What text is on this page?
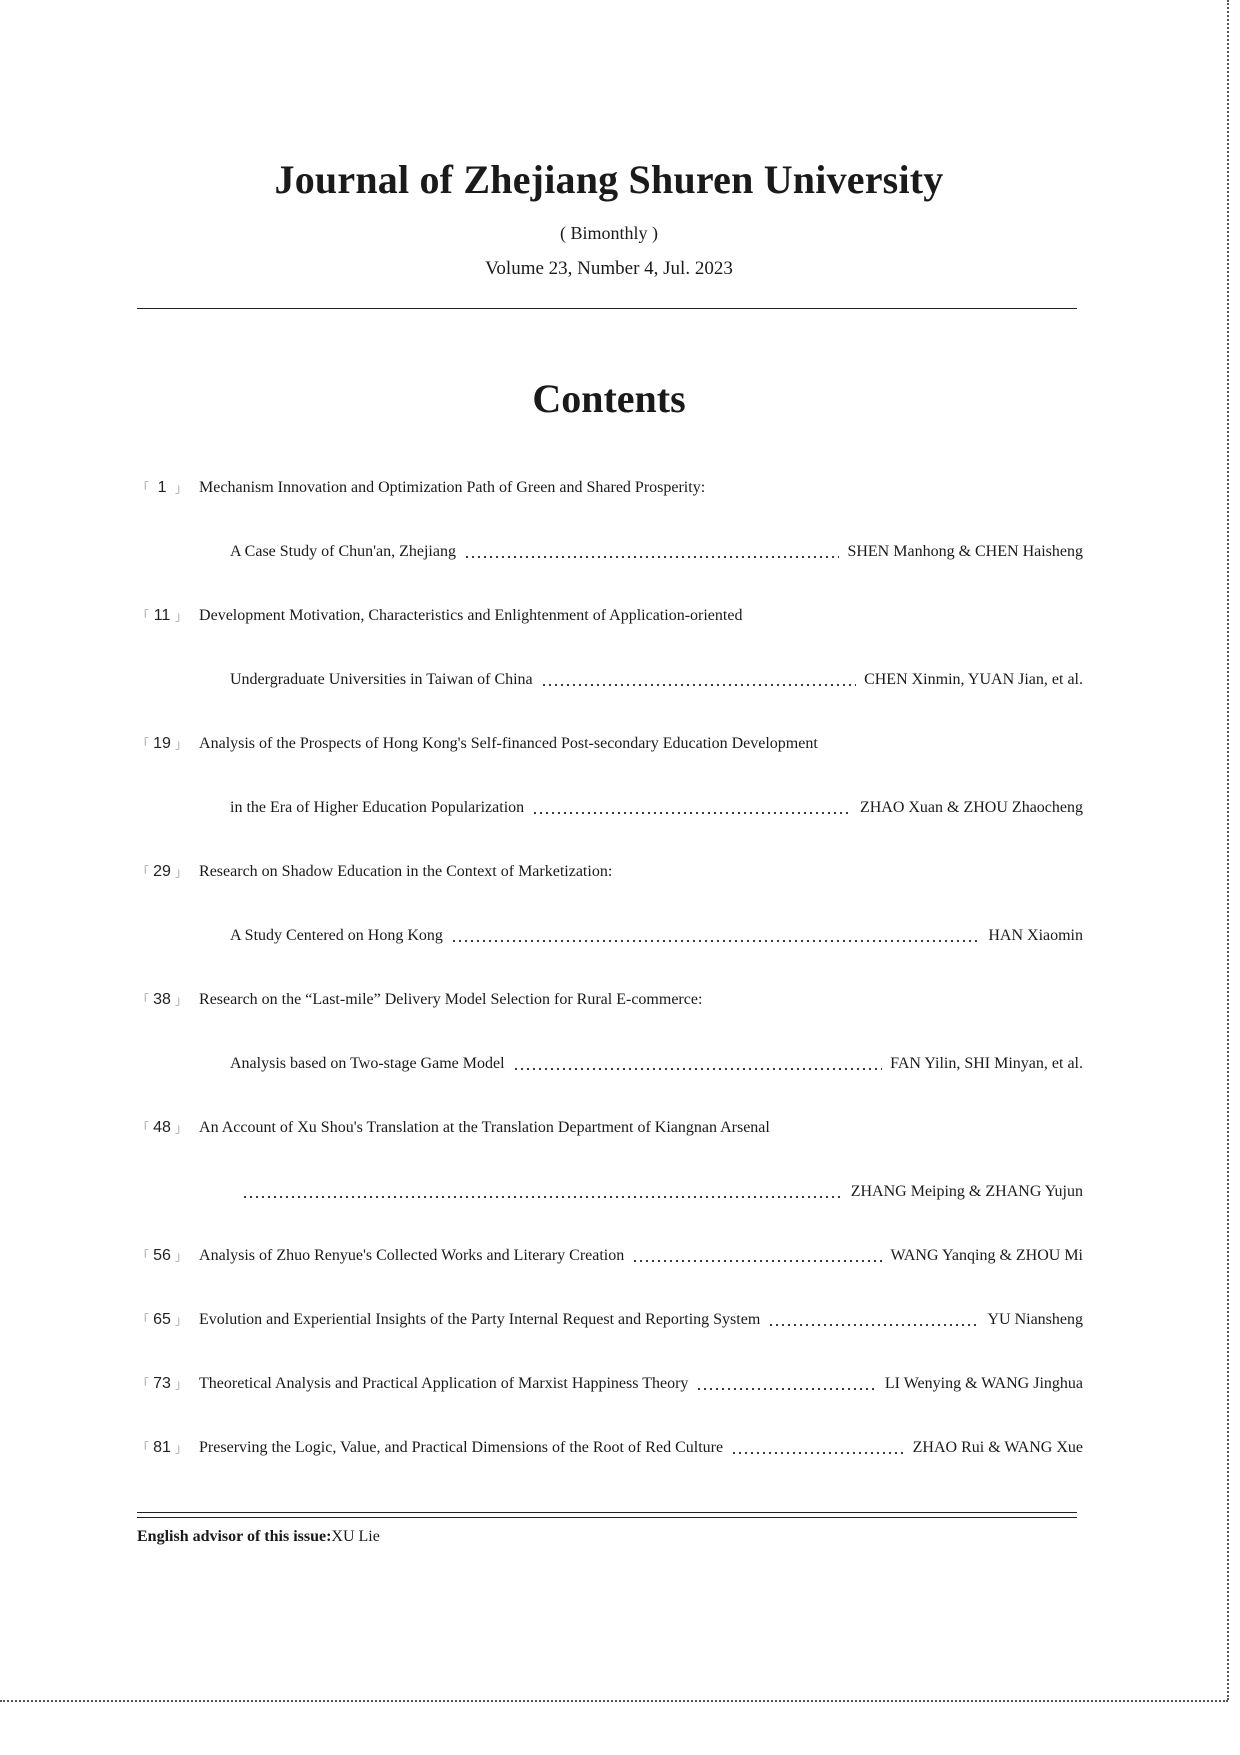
Journal of Zhejiang Shuren University
( Bimonthly )
Volume 23, Number 4, Jul. 2023
Contents
「 1 」 Mechanism Innovation and Optimization Path of Green and Shared Prosperity:
A Case Study of Chun'an, Zhejiang	SHEN Manhong & CHEN Haisheng
「 11 」 Development Motivation, Characteristics and Enlightenment of Application-oriented
Undergraduate Universities in Taiwan of China	CHEN Xinmin, YUAN Jian, et al.
「 19 」 Analysis of the Prospects of Hong Kong's Self-financed Post-secondary Education Development
in the Era of Higher Education Popularization	ZHAO Xuan & ZHOU Zhaocheng
「 29 」 Research on Shadow Education in the Context of Marketization:
A Study Centered on Hong Kong	HAN Xiaomin
「 38 」 Research on the “Last-mile” Delivery Model Selection for Rural E-commerce:
Analysis based on Two-stage Game Model	FAN Yilin, SHI Minyan, et al.
「 48 」 An Account of Xu Shou's Translation at the Translation Department of Kiangnan Arsenal
ZHANG Meiping & ZHANG Yujun
「 56 」 Analysis of Zhuo Renyue's Collected Works and Literary Creation	WANG Yanqing & ZHOU Mi
「 65 」 Evolution and Experiential Insights of the Party Internal Request and Reporting System	YU Niansheng
「 73 」 Theoretical Analysis and Practical Application of Marxist Happiness Theory	LI Wenying & WANG Jinghua
「 81 」 Preserving the Logic, Value, and Practical Dimensions of the Root of Red Culture	ZHAO Rui & WANG Xue
English advisor of this issue:XU Lie
